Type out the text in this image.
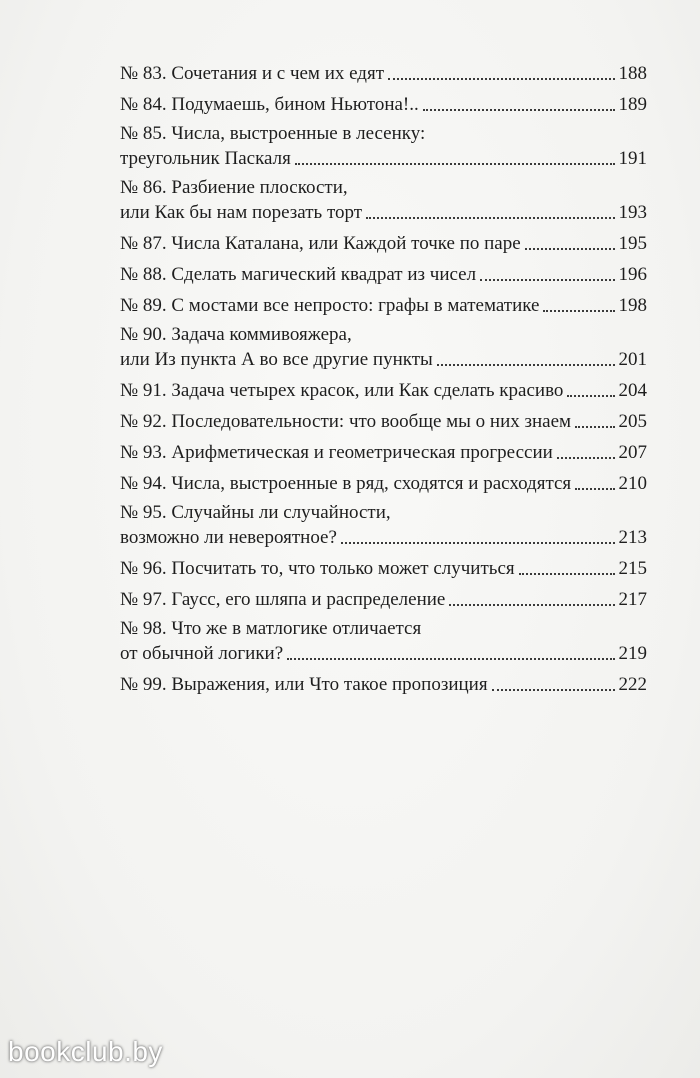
№ 83. Сочетания и с чем их едят	188
№ 84. Подумаешь, бином Ньютона!..	189
№ 85. Числа, выстроенные в лесенку:
треугольник Паскаля	191
№ 86. Разбиение плоскости,
или Как бы нам порезать торт	193
№ 87. Числа Каталана, или Каждой точке по паре	195
№ 88. Сделать магический квадрат из чисел	196
№ 89. С мостами все непросто: графы в математике	198
№ 90. Задача коммивояжера,
или Из пункта А во все другие пункты	201
№ 91. Задача четырех красок, или Как сделать красиво	204
№ 92. Последовательности: что вообще мы о них знаем 205
№ 93. Арифметическая и геометрическая прогрессии	207
№ 94. Числа, выстроенные в ряд, сходятся и расходятся 210
№ 95. Случайны ли случайности,
возможно ли невероятное?	213
№ 96. Посчитать то, что только может случиться	215
№ 97. Гаусс, его шляпа и распределение	217
№ 98. Что же в матлогике отличается
от обычной логики?	219
№ 99. Выражения, или Что такое пропозиция	222
bookclub.by
